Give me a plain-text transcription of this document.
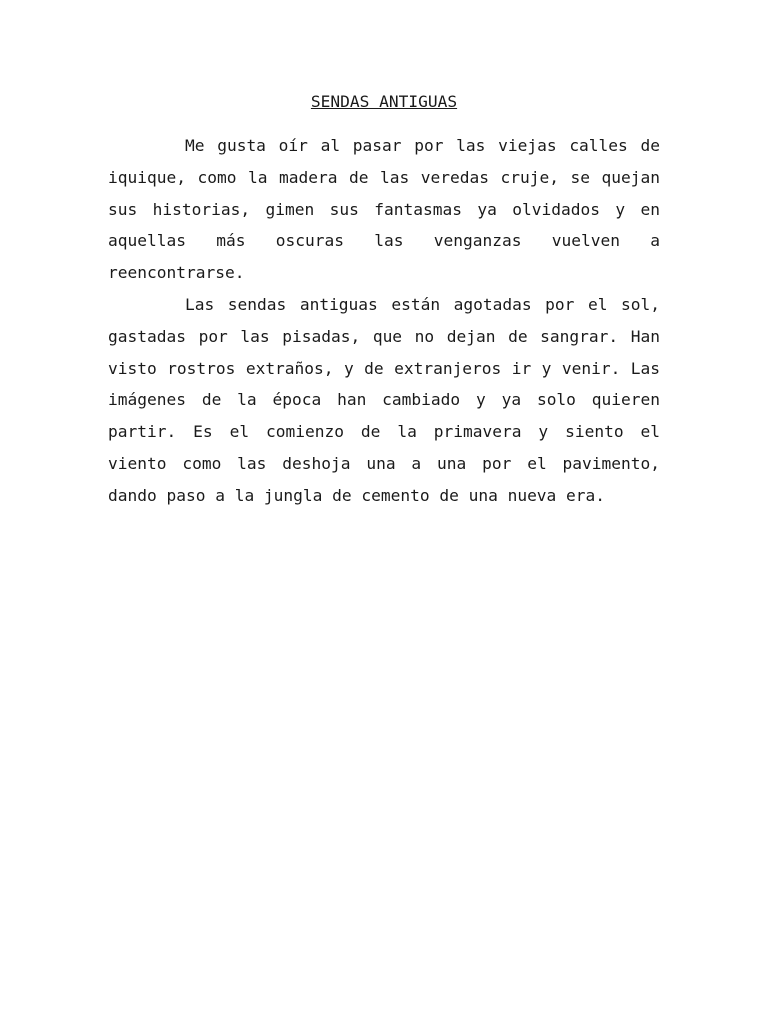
SENDAS ANTIGUAS

Me gusta oír al pasar por las viejas calles de iquique, como la madera de las veredas cruje, se quejan sus historias, gimen sus fantasmas ya olvidados y en aquellas más oscuras las venganzas vuelven a reencontrarse.

Las sendas antiguas están agotadas por el sol, gastadas por las pisadas, que no dejan de sangrar. Han visto rostros extraños, y de extranjeros ir y venir. Las imágenes de la época han cambiado y ya solo quieren partir. Es el comienzo de la primavera y siento el viento como las deshoja una a una por el pavimento, dando paso a la jungla de cemento de una nueva era.
